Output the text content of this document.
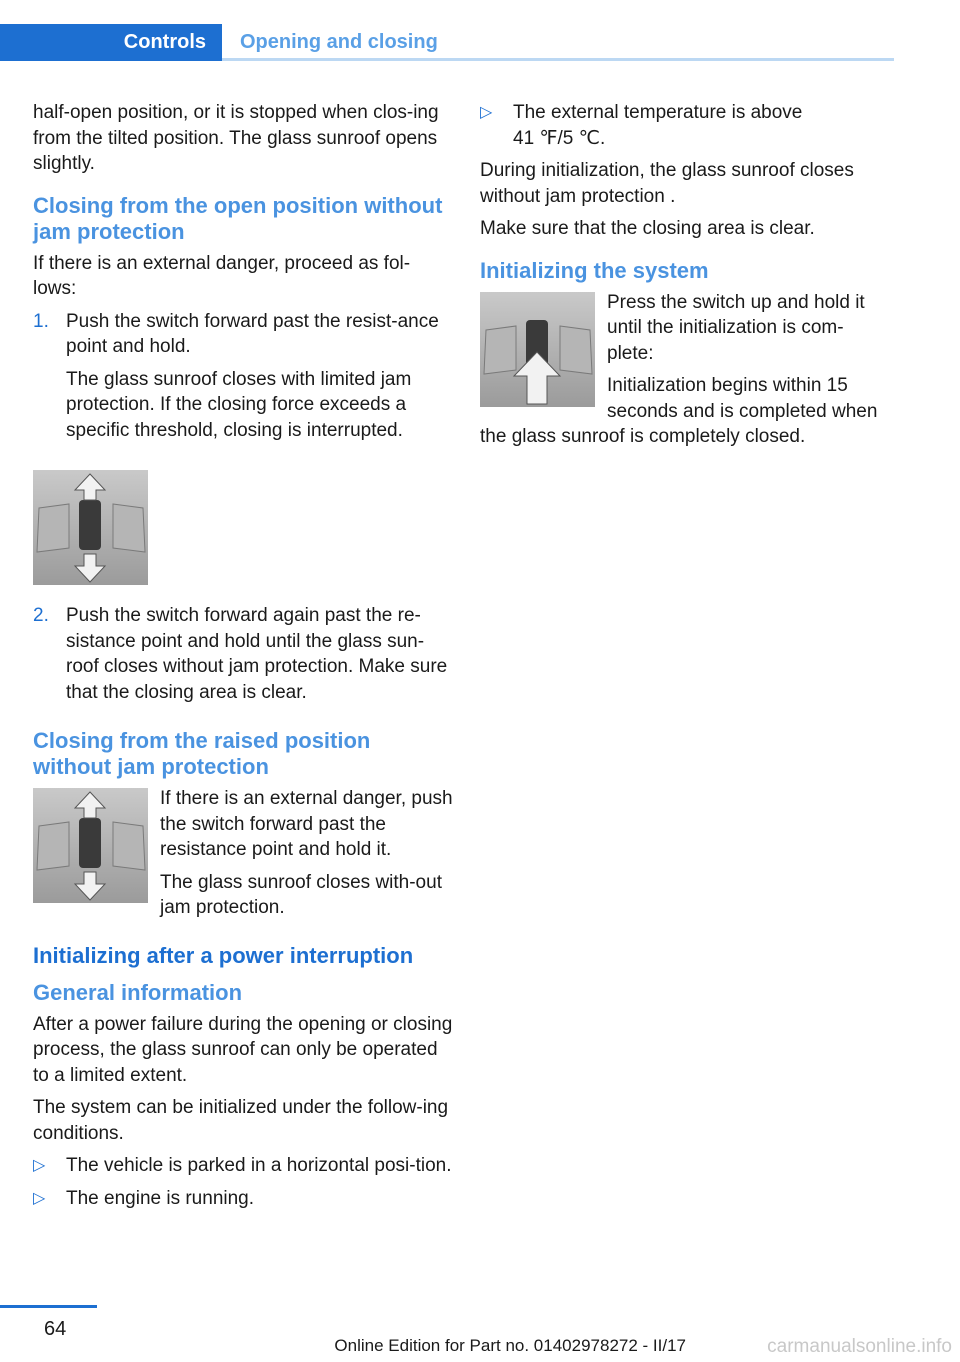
Controls	Opening and closing

half-open position, or it is stopped when clos-ing from the tilted position. The glass sunroof opens slightly.

Closing from the open position without jam protection

If there is an external danger, proceed as fol-lows:

1. Push the switch forward past the resist-ance point and hold.

The glass sunroof closes with limited jam protection. If the closing force exceeds a specific threshold, closing is interrupted.

2. Push the switch forward again past the re-sistance point and hold until the glass sun-roof closes without jam protection. Make sure that the closing area is clear.

Closing from the raised position without jam protection

If there is an external danger, push the switch forward past the resistance point and hold it.

The glass sunroof closes with-out jam protection.

Initializing after a power interruption
General information

After a power failure during the opening or closing process, the glass sunroof can only be operated to a limited extent.

The system can be initialized under the follow-ing conditions.

▷	The vehicle is parked in a horizontal posi-tion.
▷	The engine is running.
▷	The external temperature is above
41 ℉/5 ℃.

During initialization, the glass sunroof closes without jam protection .

Make sure that the closing area is clear.

Initializing the system

Press the switch up and hold it until the initialization is com-plete:

Initialization begins within 15 seconds and is completed when the glass sunroof is completely closed.

64
Online Edition for Part no. 01402978272 - II/17	carmanualsonline.info
